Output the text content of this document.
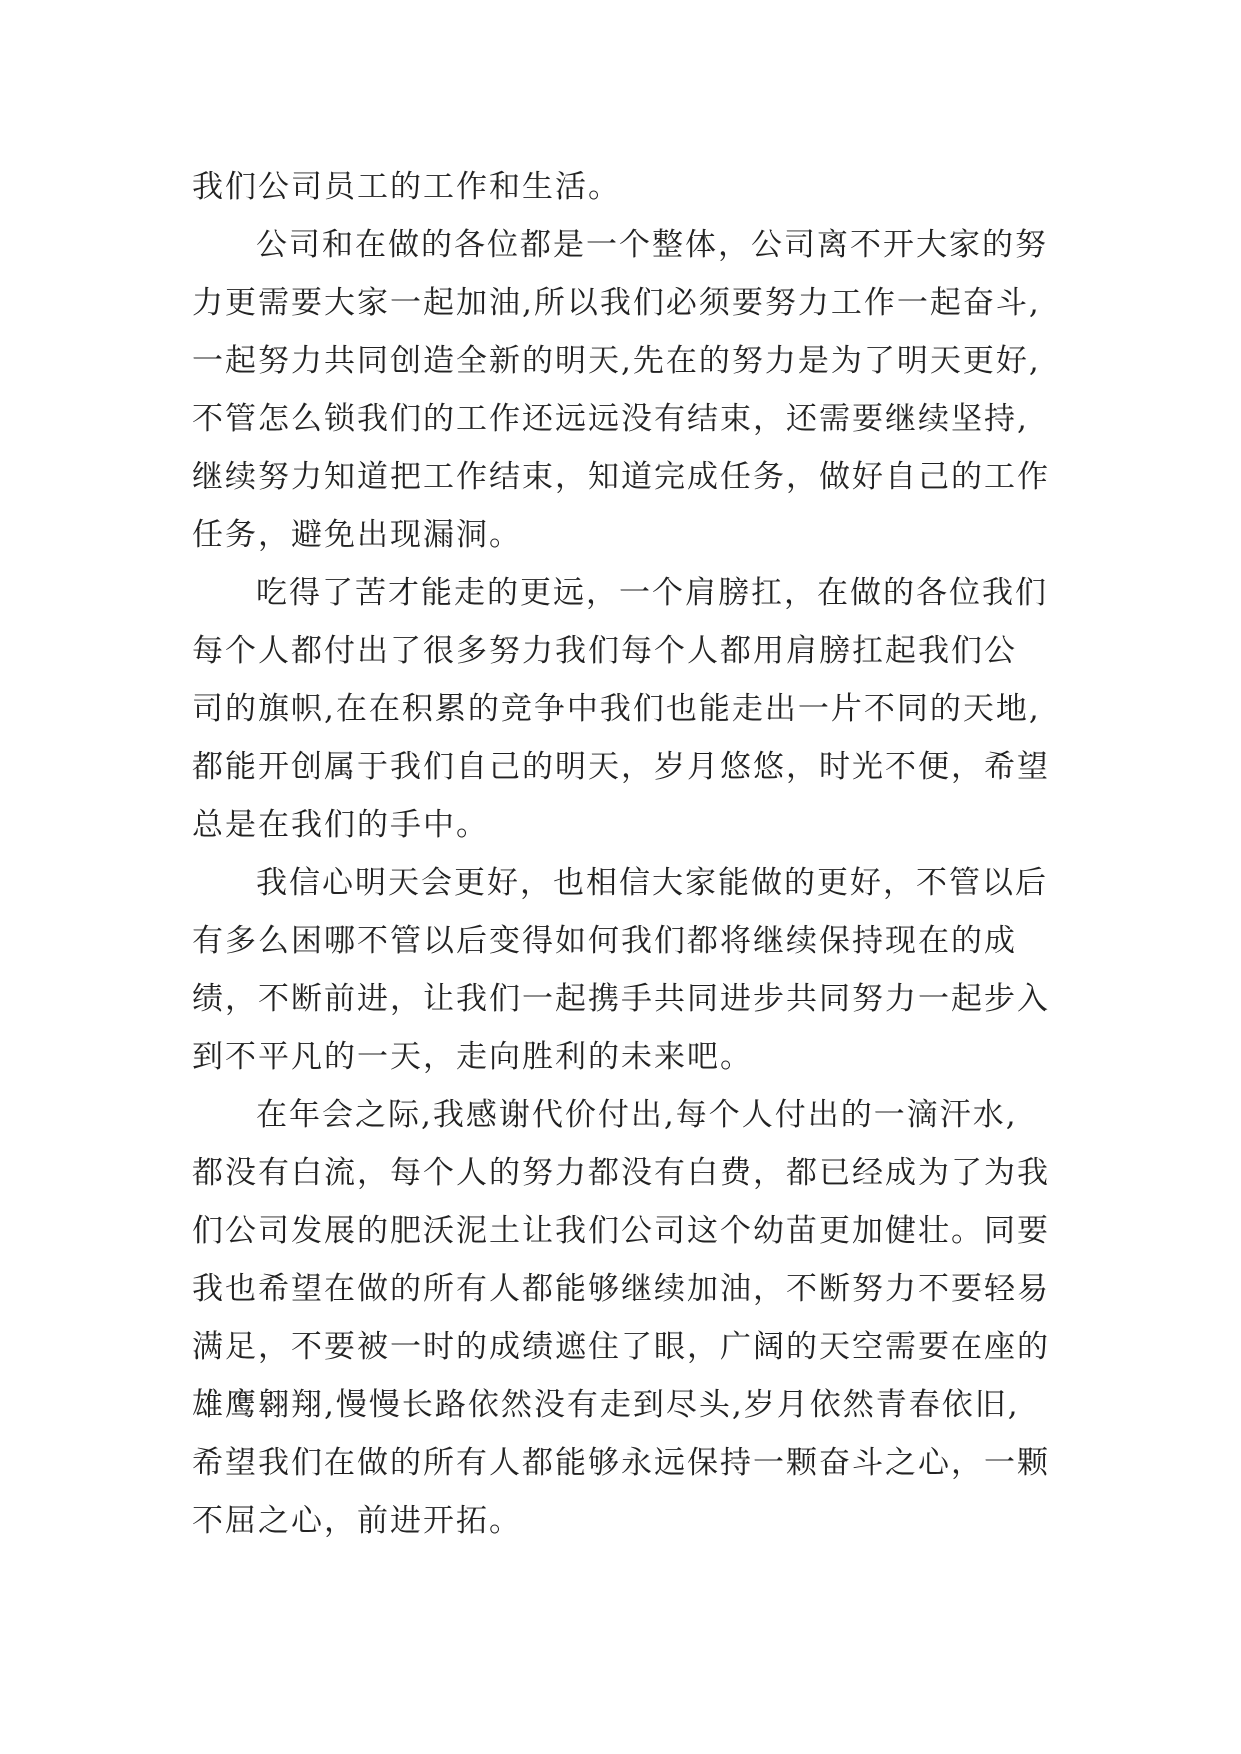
我们公司员工的工作和生活。
公司和在做的各位都是一个整体，公司离不开大家的努
力更需要大家一起加油,所以我们必须要努力工作一起奋斗,
一起努力共同创造全新的明天,先在的努力是为了明天更好,
不管怎么锁我们的工作还远远没有结束，还需要继续坚持,
继续努力知道把工作结束，知道完成任务，做好自己的工作
任务，避免出现漏洞。
吃得了苦才能走的更远，一个肩膀扛，在做的各位我们
每个人都付出了很多努力我们每个人都用肩膀扛起我们公
司的旗帜,在在积累的竞争中我们也能走出一片不同的天地,
都能开创属于我们自己的明天，岁月悠悠，时光不便，希望
总是在我们的手中。
我信心明天会更好，也相信大家能做的更好，不管以后
有多么困哪不管以后变得如何我们都将继续保持现在的成
绩，不断前进，让我们一起携手共同进步共同努力一起步入
到不平凡的一天，走向胜利的未来吧。
在年会之际,我感谢代价付出,每个人付出的一滴汗水,
都没有白流，每个人的努力都没有白费，都已经成为了为我
们公司发展的肥沃泥土让我们公司这个幼苗更加健壮。同要
我也希望在做的所有人都能够继续加油，不断努力不要轻易
满足，不要被一时的成绩遮住了眼，广阔的天空需要在座的
雄鹰翱翔,慢慢长路依然没有走到尽头,岁月依然青春依旧,
希望我们在做的所有人都能够永远保持一颗奋斗之心，一颗
不屈之心，前进开拓。
